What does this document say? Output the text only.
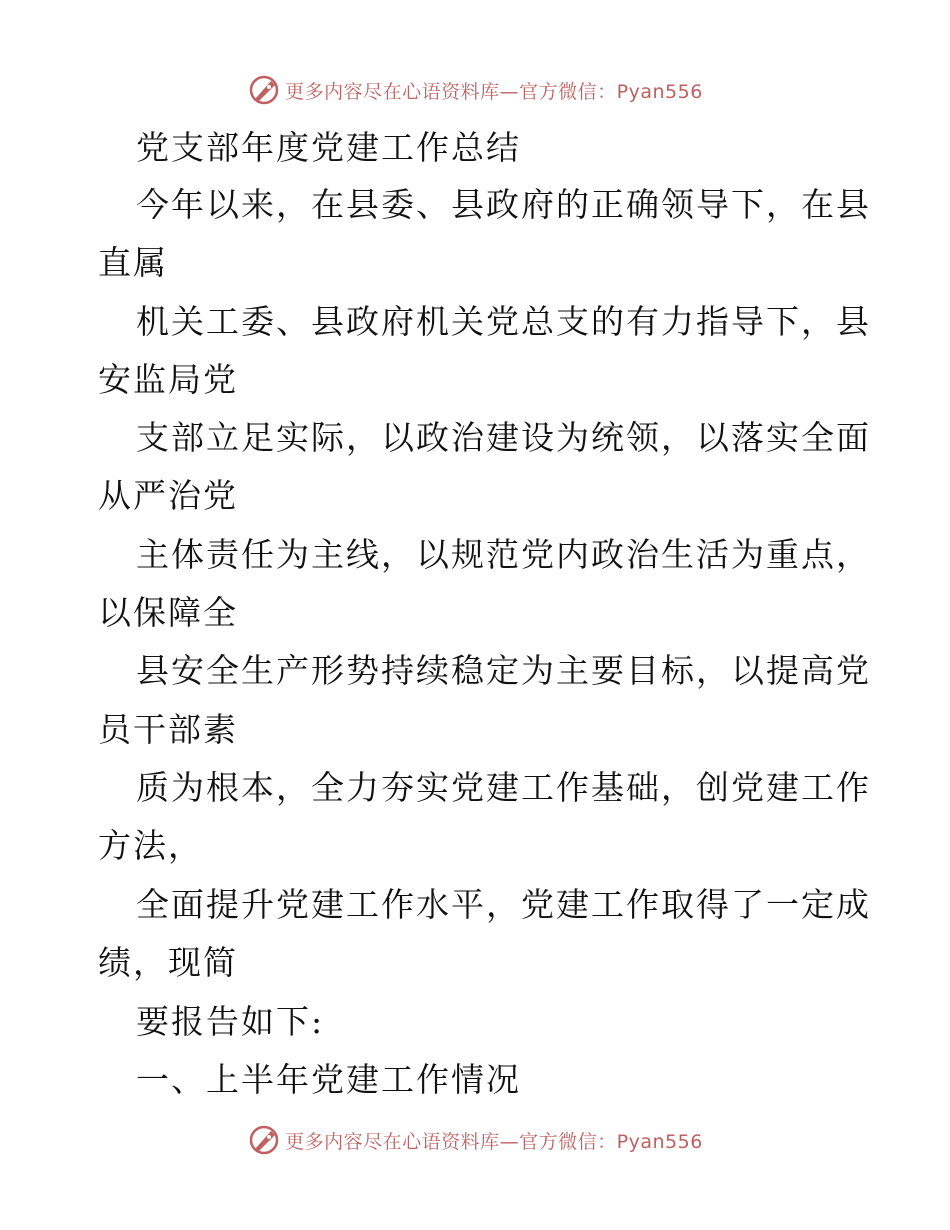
更多内容尽在心语资料库—官方微信：Pyan556
党支部年度党建工作总结
今年以来，在县委、县政府的正确领导下，在县
直属
机关工委、县政府机关党总支的有力指导下，县
安监局党
支部立足实际，以政治建设为统领，以落实全面
从严治党
主体责任为主线，以规范党内政治生活为重点，
以保障全
县安全生产形势持续稳定为主要目标，以提高党
员干部素
质为根本，全力夯实党建工作基础，创党建工作
方法，
全面提升党建工作水平，党建工作取得了一定成
绩，现简
要报告如下:
一、上半年党建工作情况
更多内容尽在心语资料库—官方微信：Pyan556
